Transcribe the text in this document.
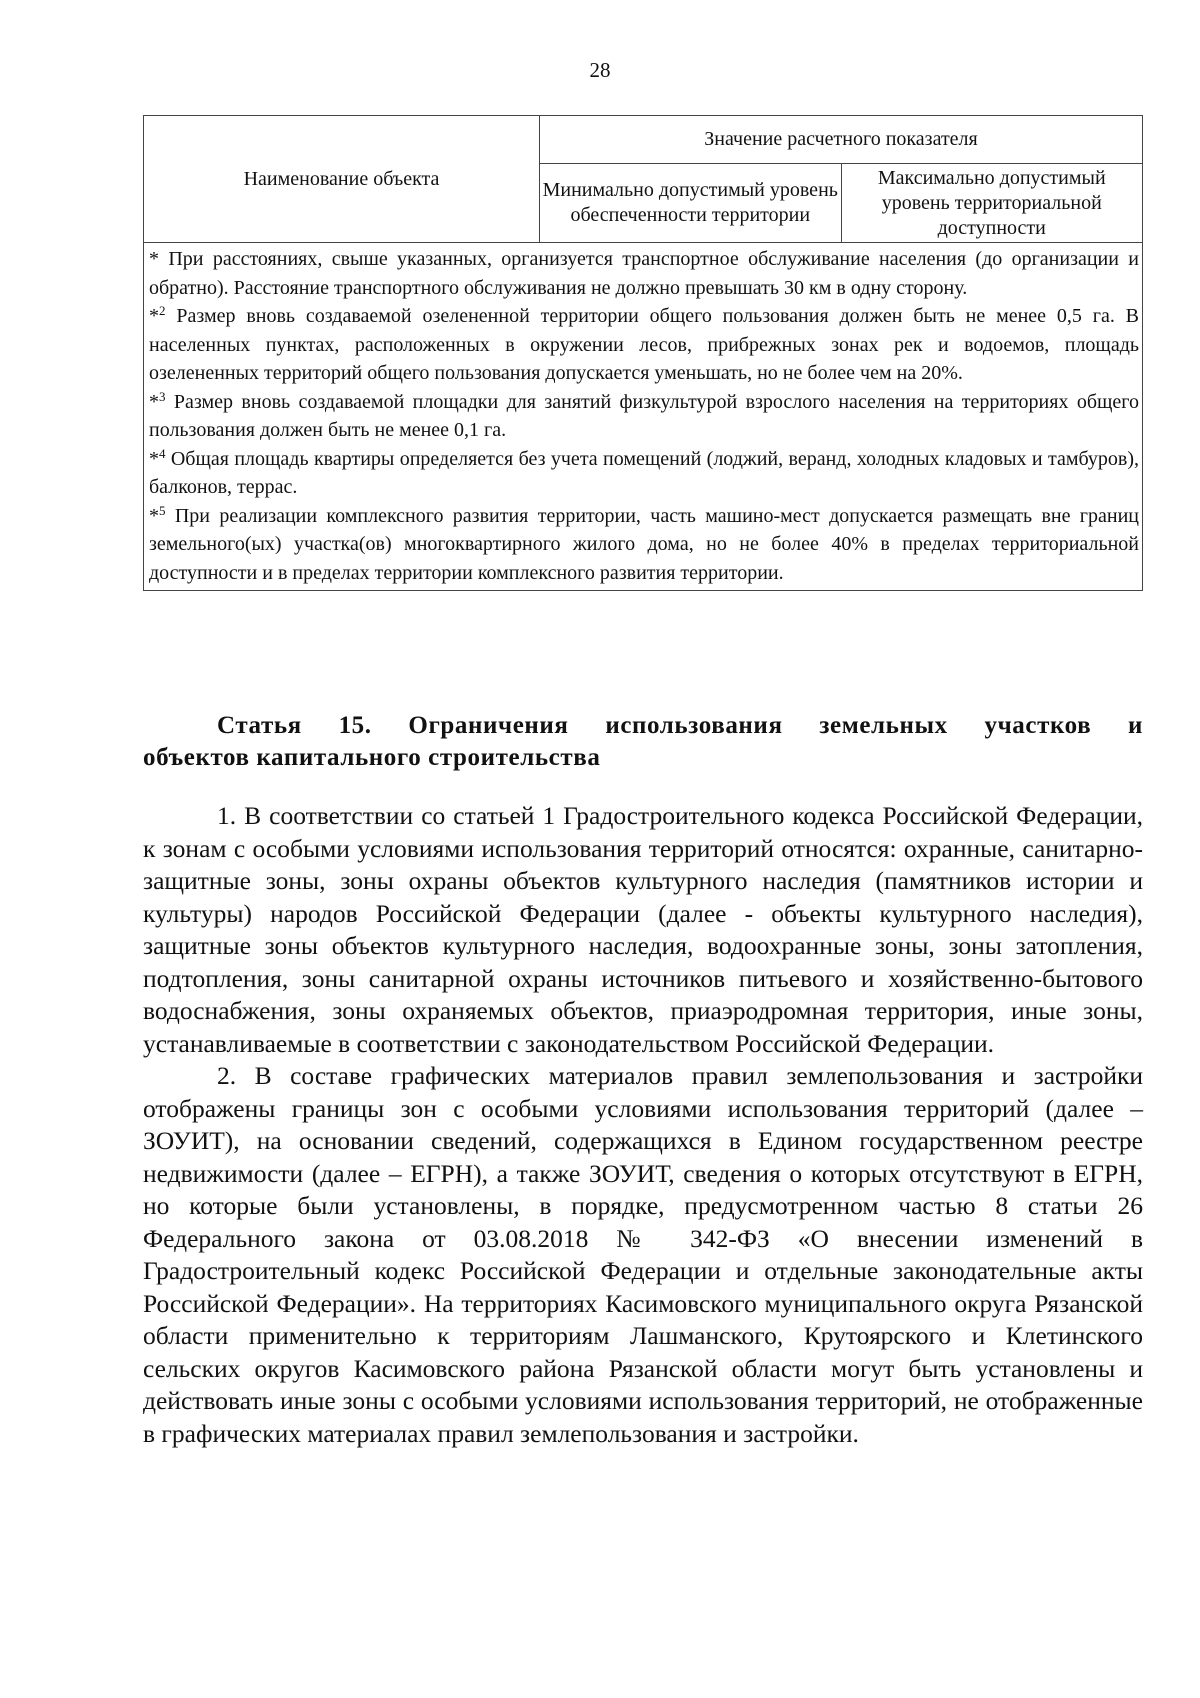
28
Наименование объекта	Значение расчетного показателя	
	Минимально допустимый уровень обеспеченности территории	Максимально допустимый уровень территориальной доступности

* При расстояниях, свыше указанных, организуется транспортное обслуживание населения (до организации и обратно). Расстояние транспортного обслуживания не должно превышать 30 км в одну сторону.
*$^2$ Размер вновь создаваемой озелененной территории общего пользования должен быть не менее 0,5 га. В населенных пунктах, расположенных в окружении лесов, прибрежных зонах рек и водоемов, площадь озелененных территорий общего пользования допускается уменьшать, но не более чем на 20%.
*$^3$ Размер вновь создаваемой площадки для занятий физкультурой взрослого населения на территориях общего пользования должен быть не менее 0,1 га.
*$^4$ Общая площадь квартиры определяется без учета помещений (лоджий, веранд, холодных кладовых и тамбуров), балконов, террас.
*$^5$ При реализации комплексного развития территории, часть машино-мест допускается размещать вне границ земельного(ых) участка(ов) многоквартирного жилого дома, но не более 40% в пределах территориальной доступности и в пределах территории комплексного развития территории.		
Статья 15. Ограничения использования земельных участков и
объектов капитального строительства

1. В соответствии со статьей 1 Градостроительного кодекса Российской Федерации, к зонам с особыми условиями использования территорий относятся: охранные, санитарно-защитные зоны, зоны охраны объектов культурного наследия (памятников истории и культуры) народов Российской Федерации (далее - объекты культурного наследия), защитные зоны объектов культурного наследия, водоохранные зоны, зоны затопления, подтопления, зоны санитарной охраны источников питьевого и хозяйственно-бытового водоснабжения, зоны охраняемых объектов, приаэродромная территория, иные зоны, устанавливаемые в соответствии с законодательством Российской Федерации.

2. В составе графических материалов правил землепользования и застройки отображены границы зон с особыми условиями использования территорий (далее – ЗОУИТ), на основании сведений, содержащихся в Едином государственном реестре недвижимости (далее – ЕГРН), а также ЗОУИТ, сведения о которых отсутствуют в ЕГРН, но которые были установлены, в порядке, предусмотренном частью 8 статьи 26 Федерального закона от 03.08.2018 № 342-ФЗ «О внесении изменений в Градостроительный кодекс Российской Федерации и отдельные законодательные акты Российской Федерации». На территориях Касимовского муниципального округа Рязанской области применительно к территориям Лашманского, Крутоярского и Клетинского сельских округов Касимовского района Рязанской области могут быть установлены и действовать иные зоны с особыми условиями использования территорий, не отображенные в графических материалах правил землепользования и застройки.
